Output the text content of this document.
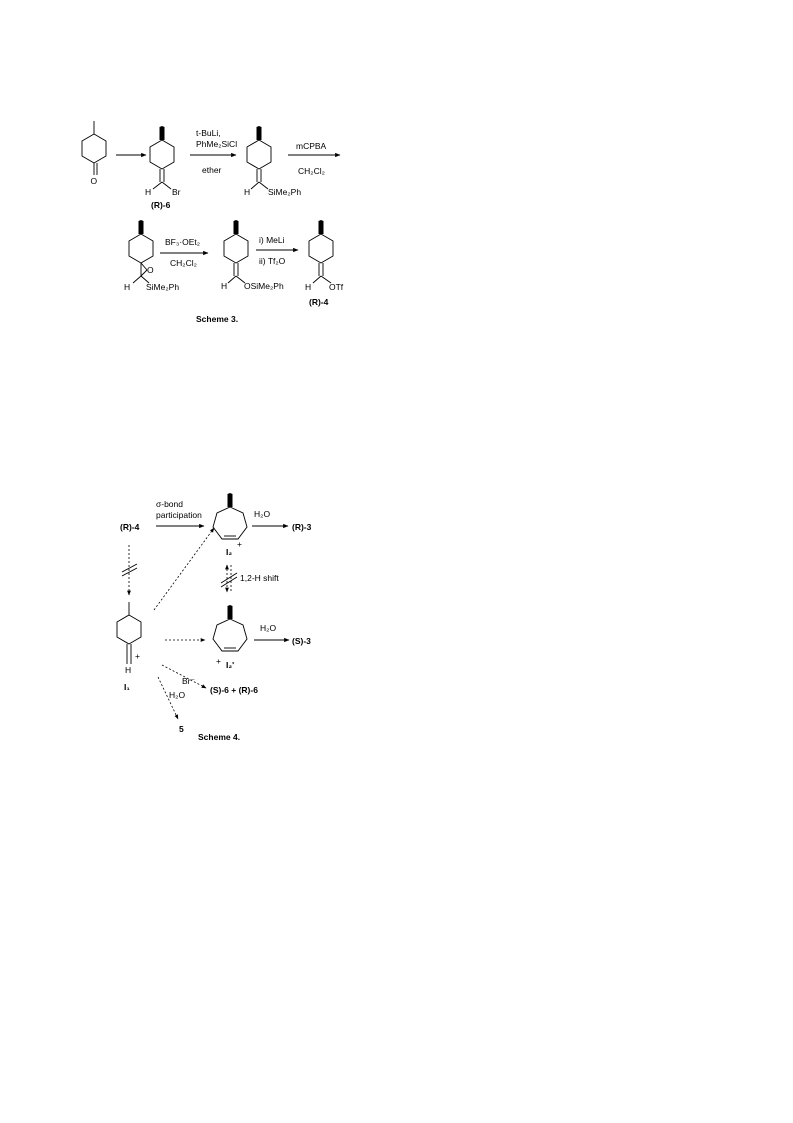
O
H Br
(R)-6
t-BuLi,
PhMe₂SiCl
ether
H SiMe₂Ph
mCPBA
CH₂Cl₂
O
H SiMe₂Ph
BF₃·OEt₂
CH₂Cl₂
H OSiMe₂Ph
i) MeLi
ii) Tf₂O
H OTf
(R)-4
Scheme 3.
(R)-4
σ-bond
participation
I₂
+
H₂O
(R)-3
1,2-H shift
+ I₂'
H₂O
(S)-3
+
H
I₁
Br⁻
(S)-6 + (R)-6
H₂O
5
Scheme 4.
